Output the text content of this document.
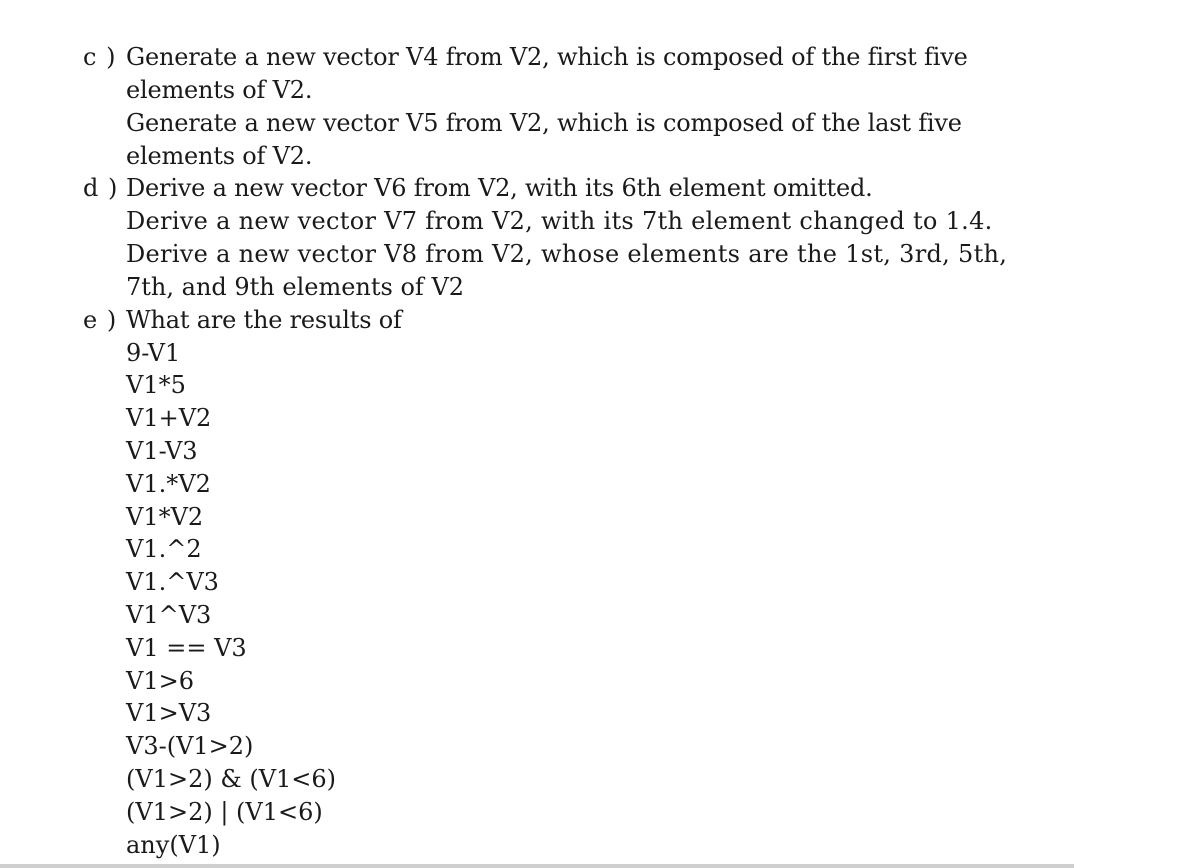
c ) Generate a new vector V4 from V2, which is composed of the first five
elements of V2.
Generate a new vector V5 from V2, which is composed of the last five
elements of V2.
d ) Derive a new vector V6 from V2, with its 6th element omitted.
Derive a new vector V7 from V2, with its 7th element changed to 1.4.
Derive a new vector V8 from V2, whose elements are the 1st, 3rd, 5th,
7th, and 9th elements of V2
e ) What are the results of
9-V1
V1*5
V1+V2
V1-V3
V1.*V2
V1*V2
V1.^2
V1.^V3
V1^V3
V1 == V3
V1>6
V1>V3
V3-(V1>2)
(V1>2) & (V1<6)
(V1>2) | (V1<6)
any(V1)
